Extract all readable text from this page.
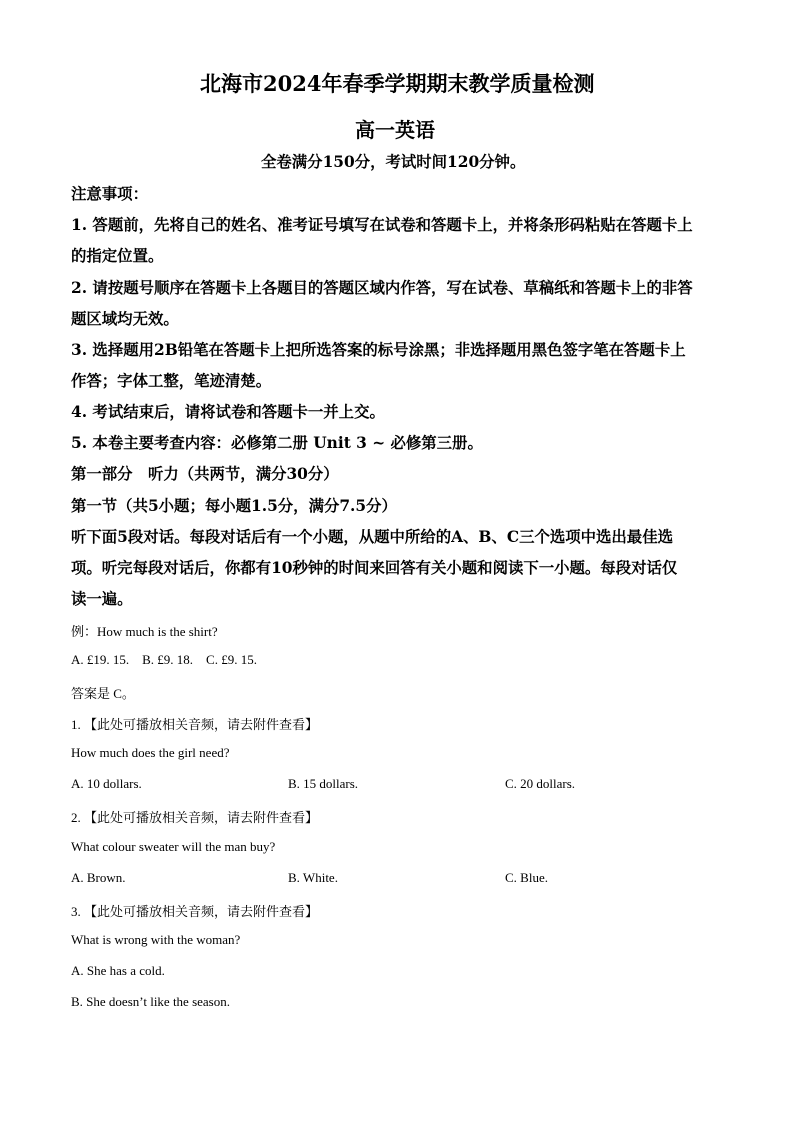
北海市2024年春季学期期末教学质量检测
高一英语
全卷满分150分，考试时间120分钟。
注意事项：
1. 答题前，先将自己的姓名、准考证号填写在试卷和答题卡上，并将条形码粘贴在答题卡上
的指定位置。
2. 请按题号顺序在答题卡上各题目的答题区域内作答，写在试卷、草稿纸和答题卡上的非答
题区域均无效。
3. 选择题用2B铅笔在答题卡上把所选答案的标号涂黑；非选择题用黑色签字笔在答题卡上
作答；字体工整，笔迹清楚。
4. 考试结束后，请将试卷和答题卡一并上交。
5. 本卷主要考查内容：必修第二册 Unit 3 ~ 必修第三册。
第一部分　听力（共两节，满分30分）
第一节（共5小题；每小题1.5分，满分7.5分）
听下面5段对话。每段对话后有一个小题，从题中所给的A、B、C三个选项中选出最佳选
项。听完每段对话后，你都有10秒钟的时间来回答有关小题和阅读下一小题。每段对话仅
读一遍。
例：How much is the shirt?
A. £19. 15.    B. £9. 18.    C. £9. 15.
答案是 C。
1. 【此处可播放相关音频，请去附件查看】
How much does the girl need?
A. 10 dollars.	B. 15 dollars.	C. 20 dollars.
2. 【此处可播放相关音频，请去附件查看】
What colour sweater will the man buy?
A. Brown.	B. White.	C. Blue.
3. 【此处可播放相关音频，请去附件查看】
What is wrong with the woman?
A. She has a cold.
B. She doesn’t like the season.
